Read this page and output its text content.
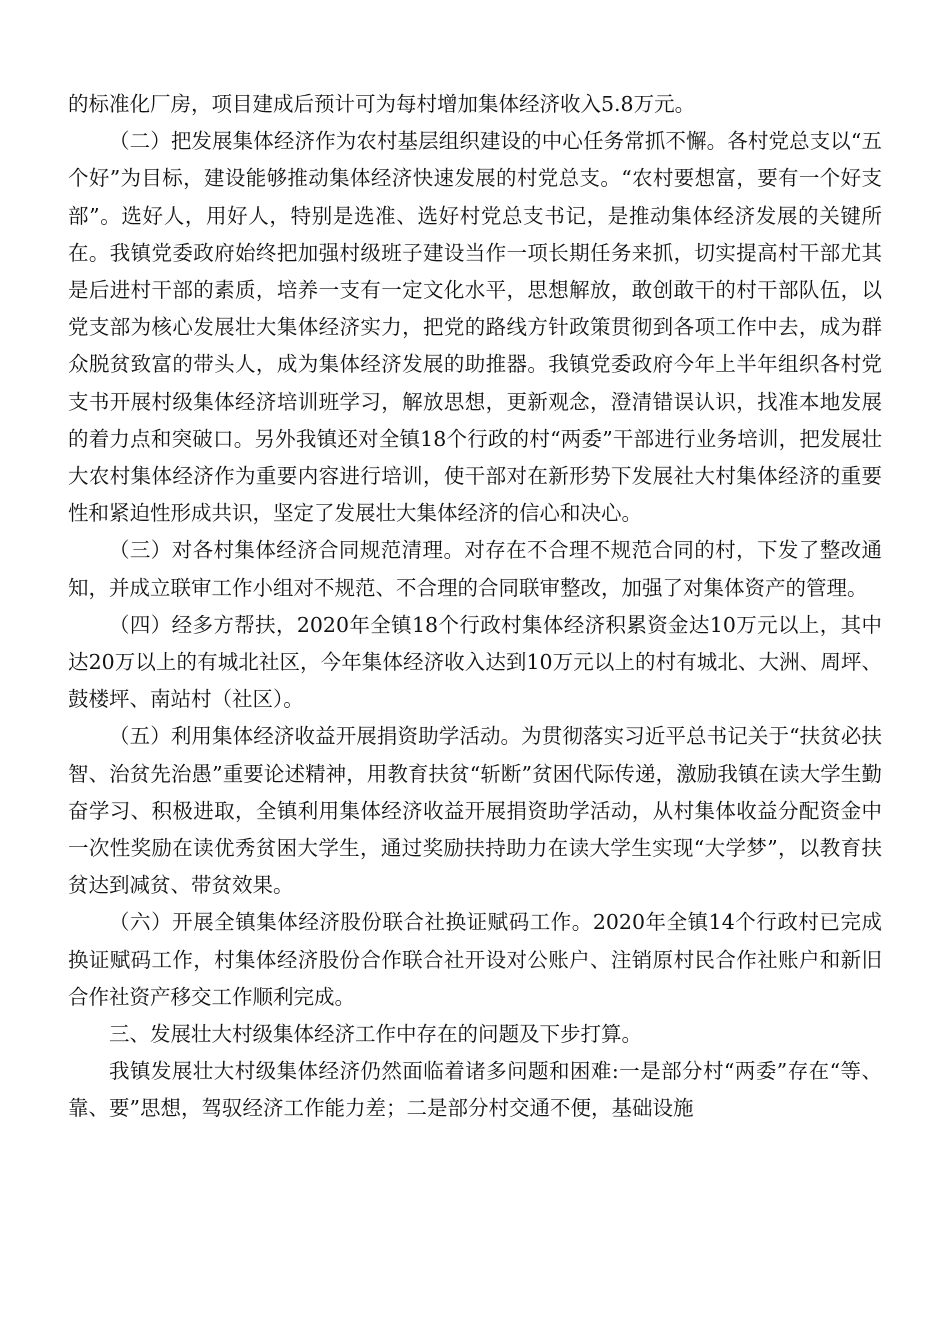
的标准化厂房，项目建成后预计可为每村增加集体经济收入5.8万元。

（二）把发展集体经济作为农村基层组织建设的中心任务常抓不懈。各村党总支以“五个好”为目标，建设能够推动集体经济快速发展的村党总支。“农村要想富，要有一个好支部”。选好人，用好人，特别是选准、选好村党总支书记，是推动集体经济发展的关键所在。我镇党委政府始终把加强村级班子建设当作一项长期任务来抓，切实提高村干部尤其是后进村干部的素质，培养一支有一定文化水平，思想解放，敢创敢干的村干部队伍，以党支部为核心发展壮大集体经济实力，把党的路线方针政策贯彻到各项工作中去，成为群众脱贫致富的带头人，成为集体经济发展的助推器。我镇党委政府今年上半年组织各村党支书开展村级集体经济培训班学习，解放思想，更新观念，澄清错误认识，找准本地发展的着力点和突破口。另外我镇还对全镇18个行政的村“两委”干部进行业务培训，把发展壮大农村集体经济作为重要内容进行培训，使干部对在新形势下发展社大村集体经济的重要性和紧迫性形成共识，坚定了发展壮大集体经济的信心和决心。

（三）对各村集体经济合同规范清理。对存在不合理不规范合同的村，下发了整改通知，并成立联审工作小组对不规范、不合理的合同联审整改，加强了对集体资产的管理。

（四）经多方帮扶，2020年全镇18个行政村集体经济积累资金达10万元以上，其中达20万以上的有城北社区，今年集体经济收入达到10万元以上的村有城北、大洲、周坪、鼓楼坪、南站村（社区）。

（五）利用集体经济收益开展捐资助学活动。为贯彻落实习近平总书记关于“扶贫必扶智、治贫先治愚”重要论述精神，用教育扶贫“斩断”贫困代际传递，激励我镇在读大学生勤奋学习、积极进取，全镇利用集体经济收益开展捐资助学活动，从村集体收益分配资金中一次性奖励在读优秀贫困大学生，通过奖励扶持助力在读大学生实现“大学梦”，以教育扶贫达到减贫、带贫效果。

（六）开展全镇集体经济股份联合社换证赋码工作。2020年全镇14个行政村已完成换证赋码工作，村集体经济股份合作联合社开设对公账户、注销原村民合作社账户和新旧合作社资产移交工作顺利完成。

三、发展壮大村级集体经济工作中存在的问题及下步打算。

我镇发展壮大村级集体经济仍然面临着诸多问题和困难:一是部分村“两委”存在“等、靠、要”思想，驾驭经济工作能力差；二是部分村交通不便，基础设施
